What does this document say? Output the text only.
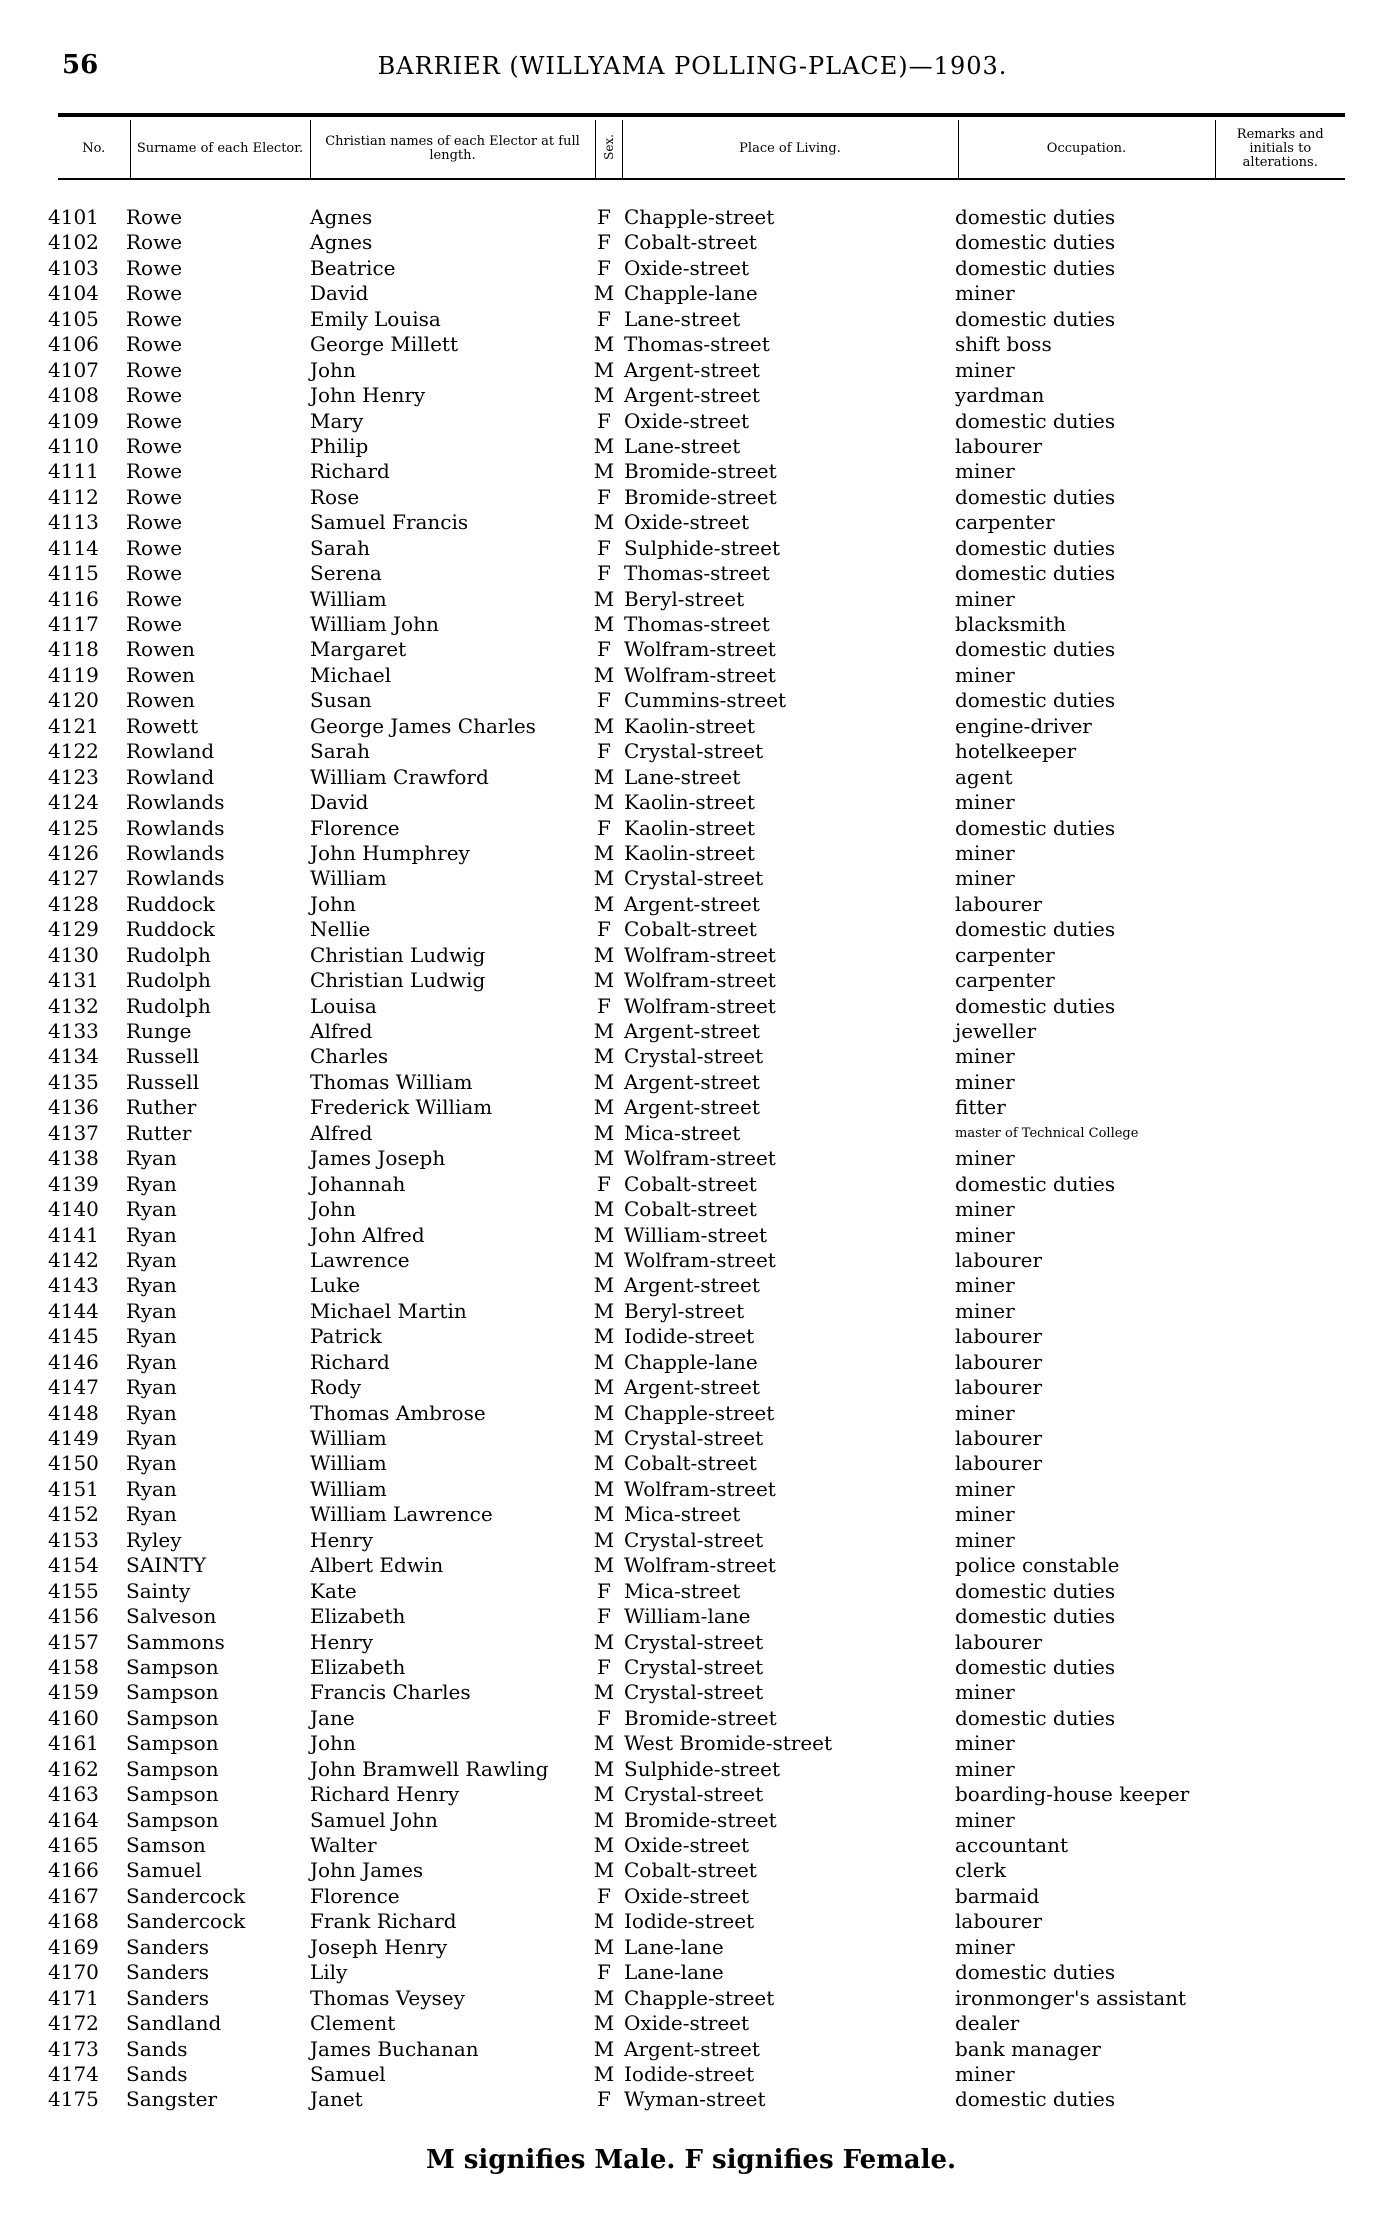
56	BARRIER (WILLYAMA POLLING-PLACE)—1903.
No.	Surname of each Elector.	Christian names of each Elector at full length.	Sex.	Place of Living.	Occupation.	Remarks and initials to alterations.
4101 Rowe	Agnes	F Chapple-street	domestic duties
4102 Rowe	Agnes	F Cobalt-street	domestic duties
4103 Rowe	Beatrice	F Oxide-street	domestic duties
4104 Rowe	David	M Chapple-lane	miner
4105 Rowe	Emily Louisa	F Lane-street	domestic duties
4106 Rowe	George Millett	M Thomas-street	shift boss
4107 Rowe	John	M Argent-street	miner
4108 Rowe	John Henry	M Argent-street	yardman
4109 Rowe	Mary	F Oxide-street	domestic duties
4110 Rowe	Philip	M Lane-street	labourer
4111 Rowe	Richard	M Bromide-street	miner
4112 Rowe	Rose	F Bromide-street	domestic duties
4113 Rowe	Samuel Francis	M Oxide-street	carpenter
4114 Rowe	Sarah	F Sulphide-street	domestic duties
4115 Rowe	Serena	F Thomas-street	domestic duties
4116 Rowe	William	M Beryl-street	miner
4117 Rowe	William John	M Thomas-street	blacksmith
4118 Rowen	Margaret	F Wolfram-street	domestic duties
4119 Rowen	Michael	M Wolfram-street	miner
4120 Rowen	Susan	F Cummins-street	domestic duties
4121 Rowett	George James Charles	M Kaolin-street	engine-driver
4122 Rowland	Sarah	F Crystal-street	hotelkeeper
4123 Rowland	William Crawford	M Lane-street	agent
4124 Rowlands	David	M Kaolin-street	miner
4125 Rowlands	Florence	F Kaolin-street	domestic duties
4126 Rowlands	John Humphrey	M Kaolin-street	miner
4127 Rowlands	William	M Crystal-street	miner
4128 Ruddock	John	M Argent-street	labourer
4129 Ruddock	Nellie	F Cobalt-street	domestic duties
4130 Rudolph	Christian Ludwig	M Wolfram-street	carpenter
4131 Rudolph	Christian Ludwig	M Wolfram-street	carpenter
4132 Rudolph	Louisa	F Wolfram-street	domestic duties
4133 Runge	Alfred	M Argent-street	jeweller
4134 Russell	Charles	M Crystal-street	miner
4135 Russell	Thomas William	M Argent-street	miner
4136 Ruther	Frederick William	M Argent-street	fitter
4137 Rutter	Alfred	M Mica-street	master of Technical College
4138 Ryan	James Joseph	M Wolfram-street	miner
4139 Ryan	Johannah	F Cobalt-street	domestic duties
4140 Ryan	John	M Cobalt-street	miner
4141 Ryan	John Alfred	M William-street	miner
4142 Ryan	Lawrence	M Wolfram-street	labourer
4143 Ryan	Luke	M Argent-street	miner
4144 Ryan	Michael Martin	M Beryl-street	miner
4145 Ryan	Patrick	M Iodide-street	labourer
4146 Ryan	Richard	M Chapple-lane	labourer
4147 Ryan	Rody	M Argent-street	labourer
4148 Ryan	Thomas Ambrose	M Chapple-street	miner
4149 Ryan	William	M Crystal-street	labourer
4150 Ryan	William	M Cobalt-street	labourer
4151 Ryan	William	M Wolfram-street	miner
4152 Ryan	William Lawrence	M Mica-street	miner
4153 Ryley	Henry	M Crystal-street	miner
4154 SAINTY	Albert Edwin	M Wolfram-street	police constable
4155 Sainty	Kate	F Mica-street	domestic duties
4156 Salveson	Elizabeth	F William-lane	domestic duties
4157 Sammons	Henry	M Crystal-street	labourer
4158 Sampson	Elizabeth	F Crystal-street	domestic duties
4159 Sampson	Francis Charles	M Crystal-street	miner
4160 Sampson	Jane	F Bromide-street	domestic duties
4161 Sampson	John	M West Bromide-street	miner
4162 Sampson	John Bramwell Rawling M Sulphide-street	miner
4163 Sampson	Richard Henry	M Crystal-street	boarding-house keeper
4164 Sampson	Samuel John	M Bromide-street	miner
4165 Samson	Walter	M Oxide-street	accountant
4166 Samuel	John James	M Cobalt-street	clerk
4167 Sandercock	Florence	F Oxide-street	barmaid
4168 Sandercock	Frank Richard	M Iodide-street	labourer
4169 Sanders	Joseph Henry	M Lane-lane	miner
4170 Sanders	Lily	F Lane-lane	domestic duties
4171 Sanders	Thomas Veysey	M Chapple-street	ironmonger's assistant
4172 Sandland	Clement	M Oxide-street	dealer
4173 Sands	James Buchanan	M Argent-street	bank manager
4174 Sands	Samuel	M Iodide-street	miner
4175 Sangster	Janet	F Wyman-street	domestic duties
M signifies Male. F signifies Female.
